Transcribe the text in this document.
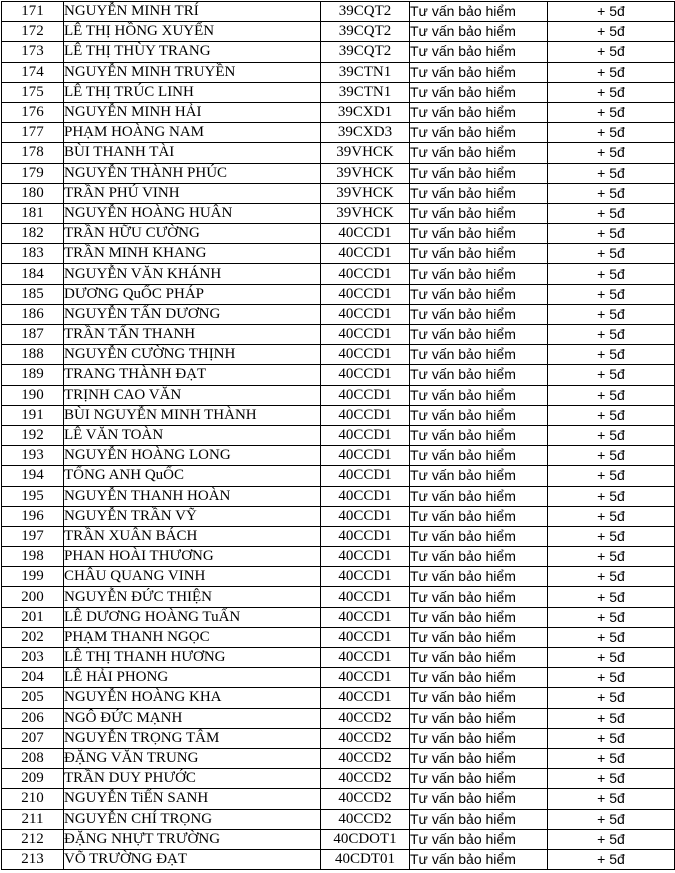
171	NGUYỄN MINH TRÍ	39CQT2	Tư vấn bảo hiểm	+ 5đ
172	LÊ THỊ HỒNG XUYẾN	39CQT2	Tư vấn bảo hiểm	+ 5đ
173	LÊ THỊ THÙY TRANG	39CQT2	Tư vấn bảo hiểm	+ 5đ
174	NGUYỄN MINH TRUYỀN	39CTN1	Tư vấn bảo hiểm	+ 5đ
175	LÊ THỊ TRÚC LINH	39CTN1	Tư vấn bảo hiểm	+ 5đ
176	NGUYỄN MINH HẢI	39CXD1	Tư vấn bảo hiểm	+ 5đ
177	PHẠM HOÀNG NAM	39CXD3	Tư vấn bảo hiểm	+ 5đ
178	BÙI THANH TÀI	39VHCK	Tư vấn bảo hiểm	+ 5đ
179	NGUYỄN THÀNH PHÚC	39VHCK	Tư vấn bảo hiểm	+ 5đ
180	TRẦN PHÚ VINH	39VHCK	Tư vấn bảo hiểm	+ 5đ
181	NGUYỄN HOÀNG HUÂN	39VHCK	Tư vấn bảo hiểm	+ 5đ
182	TRẦN HỮU CƯỜNG	40CCD1	Tư vấn bảo hiểm	+ 5đ
183	TRẦN MINH KHANG	40CCD1	Tư vấn bảo hiểm	+ 5đ
184	NGUYỄN VĂN KHÁNH	40CCD1	Tư vấn bảo hiểm	+ 5đ
185	DƯƠNG QuỐC PHÁP	40CCD1	Tư vấn bảo hiểm	+ 5đ
186	NGUYỄN TẤN DƯƠNG	40CCD1	Tư vấn bảo hiểm	+ 5đ
187	TRẦN TẤN THANH	40CCD1	Tư vấn bảo hiểm	+ 5đ
188	NGUYỄN CƯỜNG THỊNH	40CCD1	Tư vấn bảo hiểm	+ 5đ
189	TRANG THÀNH ĐẠT	40CCD1	Tư vấn bảo hiểm	+ 5đ
190	TRỊNH CAO VĂN	40CCD1	Tư vấn bảo hiểm	+ 5đ
191	BÙI NGUYỄN MINH THÀNH	40CCD1	Tư vấn bảo hiểm	+ 5đ
192	LÊ VĂN TOÀN	40CCD1	Tư vấn bảo hiểm	+ 5đ
193	NGUYỄN HOÀNG LONG	40CCD1	Tư vấn bảo hiểm	+ 5đ
194	TỐNG ANH QuỐC	40CCD1	Tư vấn bảo hiểm	+ 5đ
195	NGUYỄN THANH HOÀN	40CCD1	Tư vấn bảo hiểm	+ 5đ
196	NGUYỄN TRẦN VỸ	40CCD1	Tư vấn bảo hiểm	+ 5đ
197	TRẦN XUÂN BÁCH	40CCD1	Tư vấn bảo hiểm	+ 5đ
198	PHAN HOÀI THƯƠNG	40CCD1	Tư vấn bảo hiểm	+ 5đ
199	CHÂU QUANG VINH	40CCD1	Tư vấn bảo hiểm	+ 5đ
200	NGUYỄN ĐỨC THIỆN	40CCD1	Tư vấn bảo hiểm	+ 5đ
201	LÊ DƯƠNG HOÀNG TuẤN	40CCD1	Tư vấn bảo hiểm	+ 5đ
202	PHẠM THANH NGỌC	40CCD1	Tư vấn bảo hiểm	+ 5đ
203	LÊ THỊ THANH HƯƠNG	40CCD1	Tư vấn bảo hiểm	+ 5đ
204	LÊ HẢI PHONG	40CCD1	Tư vấn bảo hiểm	+ 5đ
205	NGUYỄN HOÀNG KHA	40CCD1	Tư vấn bảo hiểm	+ 5đ
206	NGÔ ĐỨC MẠNH	40CCD2	Tư vấn bảo hiểm	+ 5đ
207	NGUYỄN TRỌNG TÂM	40CCD2	Tư vấn bảo hiểm	+ 5đ
208	ĐẶNG VĂN TRUNG	40CCD2	Tư vấn bảo hiểm	+ 5đ
209	TRẦN DUY PHƯỚC	40CCD2	Tư vấn bảo hiểm	+ 5đ
210	NGUYỄN TiẾN SANH	40CCD2	Tư vấn bảo hiểm	+ 5đ
211	NGUYỄN CHÍ TRỌNG	40CCD2	Tư vấn bảo hiểm	+ 5đ
212	ĐẶNG NHỰT TRƯỜNG	40CDOT1	Tư vấn bảo hiểm	+ 5đ
213	VÕ TRƯỜNG ĐẠT	40CDT01	Tư vấn bảo hiểm	+ 5đ
